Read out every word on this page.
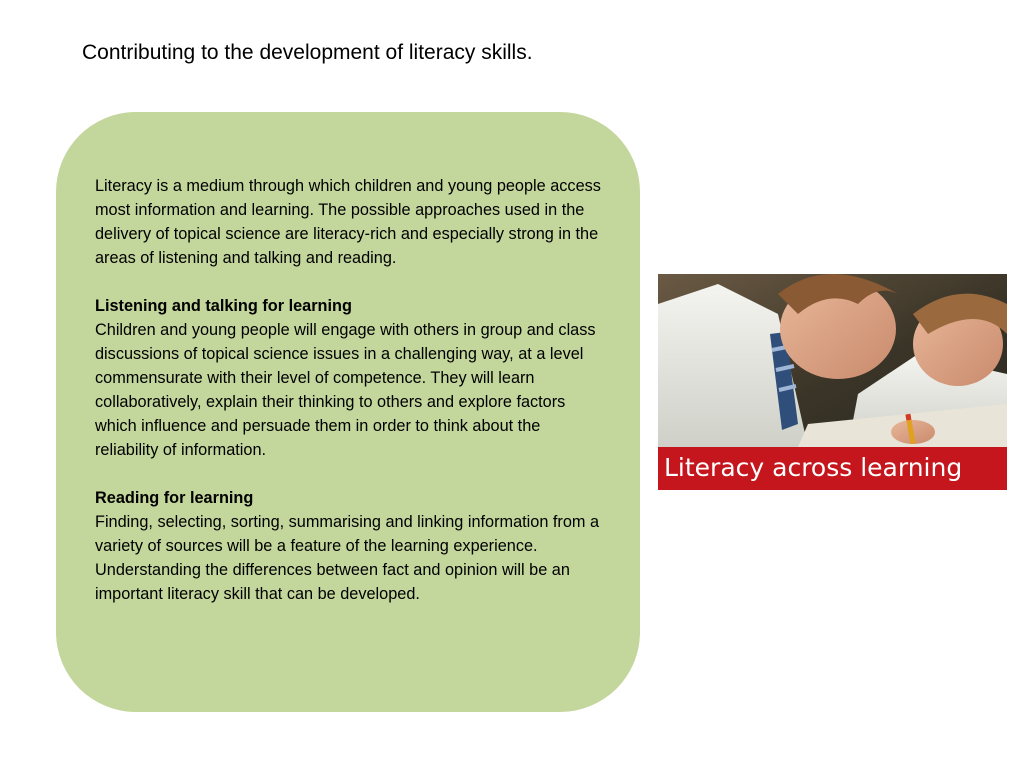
Contributing to the development of literacy skills.

Literacy is a medium through which children and young people access most information and learning. The possible approaches used in the delivery of topical science are literacy-rich and especially strong in the areas of listening and talking and reading.

Listening and talking for learning
Children and young people will engage with others in group and class discussions of topical science issues in a challenging way, at a level commensurate with their level of competence. They will learn collaboratively, explain their thinking to others and explore factors which influence and persuade them in order to think about the reliability of information.

Reading for learning
Finding, selecting, sorting, summarising and linking information from a variety of sources will be a feature of the learning experience. Understanding the differences between fact and opinion will be an important literacy skill that can be developed.

Literacy across learning
